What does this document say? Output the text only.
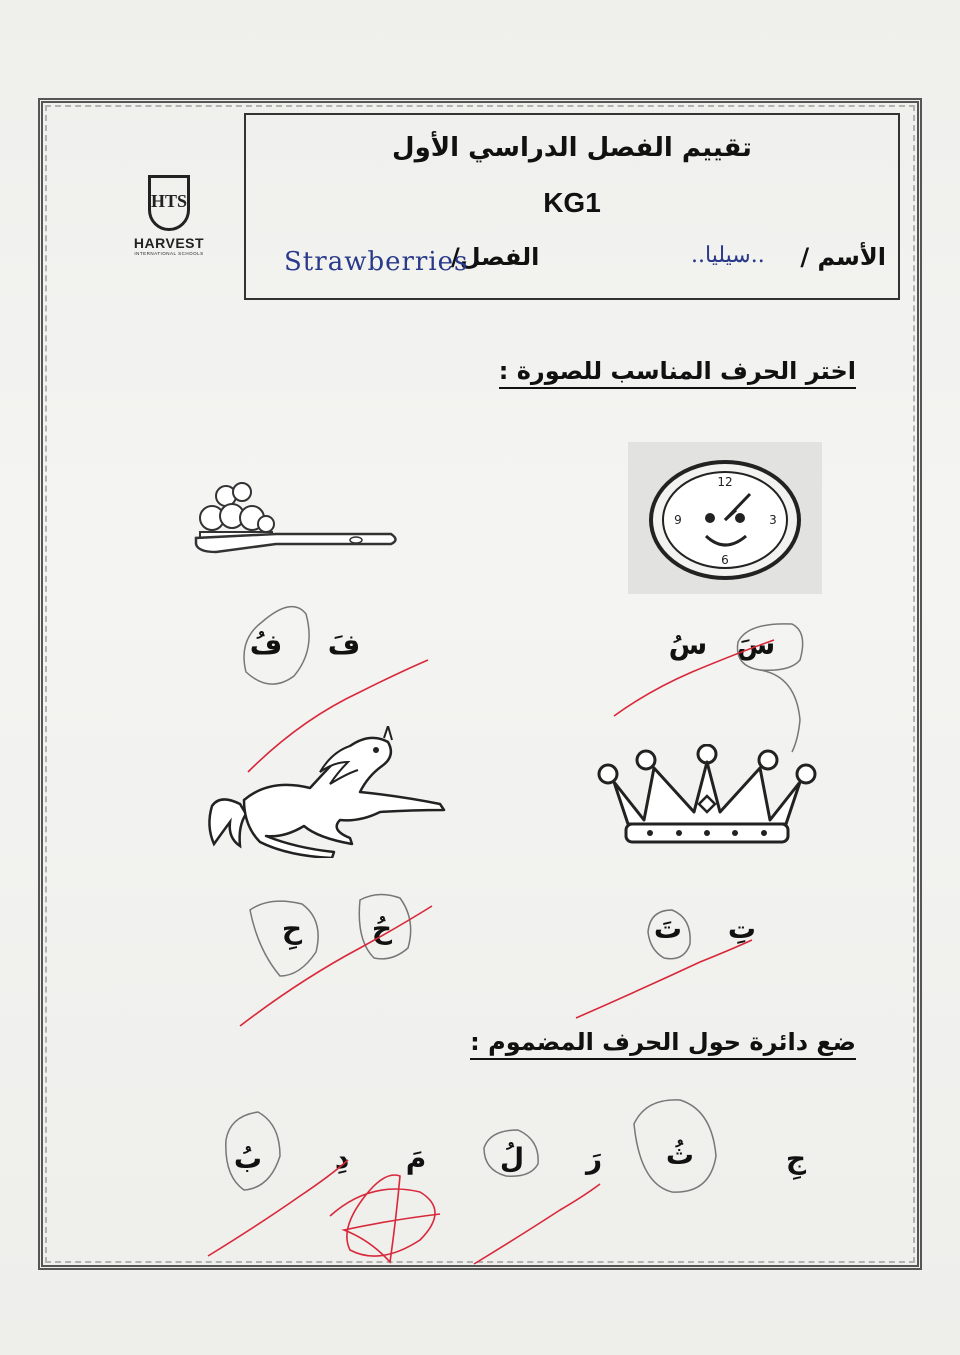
تقييم الفصل الدراسي الأول
KG1
الأسم /
..سيليا..
الفصل/
Strawberries
HTS
HARVEST
INTERNATIONAL SCHOOLS
اختر الحرف المناسب للصورة :
12
3
6
9
سَ
سُ
فَ
فُ
تِ
تَ
حُ
حِ
ضع دائرة حول الحرف المضموم :
جِ
ثُ
رَ
لُ
مَ
دِ
بُ
